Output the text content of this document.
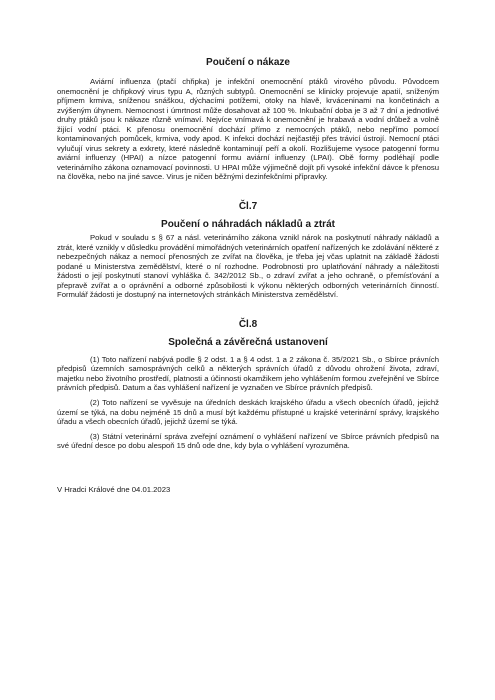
Poučení o nákaze

Aviární influenza (ptačí chřipka) je infekční onemocnění ptáků virového původu. Původcem onemocnění je chřipkový virus typu A, různých subtypů. Onemocnění se klinicky projevuje apatií, sníženým příjmem krmiva, sníženou snáškou, dýchacími potížemi, otoky na hlavě, krváceninami na končetinách a zvýšeným úhynem. Nemocnost i úmrtnost může dosahovat až 100 %. Inkubační doba je 3 až 7 dní a jednotlivé druhy ptáků jsou k nákaze různě vnímaví. Nejvíce vnímavá k onemocnění je hrabavá a vodní drůbež a volně žijící vodní ptáci. K přenosu onemocnění dochází přímo z nemocných ptáků, nebo nepřímo pomocí kontaminovaných pomůcek, krmiva, vody apod. K infekci dochází nejčastěji přes trávicí ústrojí. Nemocní ptáci vylučují virus sekrety a exkrety, které následně kontaminují peří a okolí. Rozlišujeme vysoce patogenní formu aviární influenzy (HPAI) a nízce patogenní formu aviární influenzy (LPAI). Obě formy podléhají podle veterinárního zákona oznamovací povinnosti. U HPAI může výjimečně dojít při vysoké infekční dávce k přenosu na člověka, nebo na jiné savce. Virus je ničen běžnými dezinfekčními přípravky.

Čl.7
Poučení o náhradách nákladů a ztrát

Pokud v souladu s § 67 a násl. veterinárního zákona vznikl nárok na poskytnutí náhrady nákladů a ztrát, které vznikly v důsledku provádění mimořádných veterinárních opatření nařízených ke zdolávání některé z nebezpečných nákaz a nemocí přenosných ze zvířat na člověka, je třeba jej včas uplatnit na základě žádosti podané u Ministerstva zemědělství, které o ní rozhodne. Podrobnosti pro uplatňování náhrady a náležitosti žádosti o její poskytnutí stanoví vyhláška č. 342/2012 Sb., o zdraví zvířat a jeho ochraně, o přemísťování a přepravě zvířat a o oprávnění a odborné způsobilosti k výkonu některých odborných veterinárních činností. Formulář žádosti je dostupný na internetových stránkách Ministerstva zemědělství.

Čl.8
Společná a závěrečná ustanovení

(1) Toto nařízení nabývá podle § 2 odst. 1 a § 4 odst. 1 a 2 zákona č. 35/2021 Sb., o Sbírce právních předpisů územních samosprávných celků a některých správních úřadů z důvodu ohrožení života, zdraví, majetku nebo životního prostředí, platnosti a účinnosti okamžikem jeho vyhlášením formou zveřejnění ve Sbírce právních předpisů. Datum a čas vyhlášení nařízení je vyznačen ve Sbírce právních předpisů.

(2) Toto nařízení se vyvěsuje na úředních deskách krajského úřadu a všech obecních úřadů, jejichž území se týká, na dobu nejméně 15 dnů a musí být každému přístupné u krajské veterinární správy, krajského úřadu a všech obecních úřadů, jejichž území se týká.

(3) Státní veterinární správa zveřejní oznámení o vyhlášení nařízení ve Sbírce právních předpisů na své úřední desce po dobu alespoň 15 dnů ode dne, kdy byla o vyhlášení vyrozuměna.

V Hradci Králové dne 04.01.2023
